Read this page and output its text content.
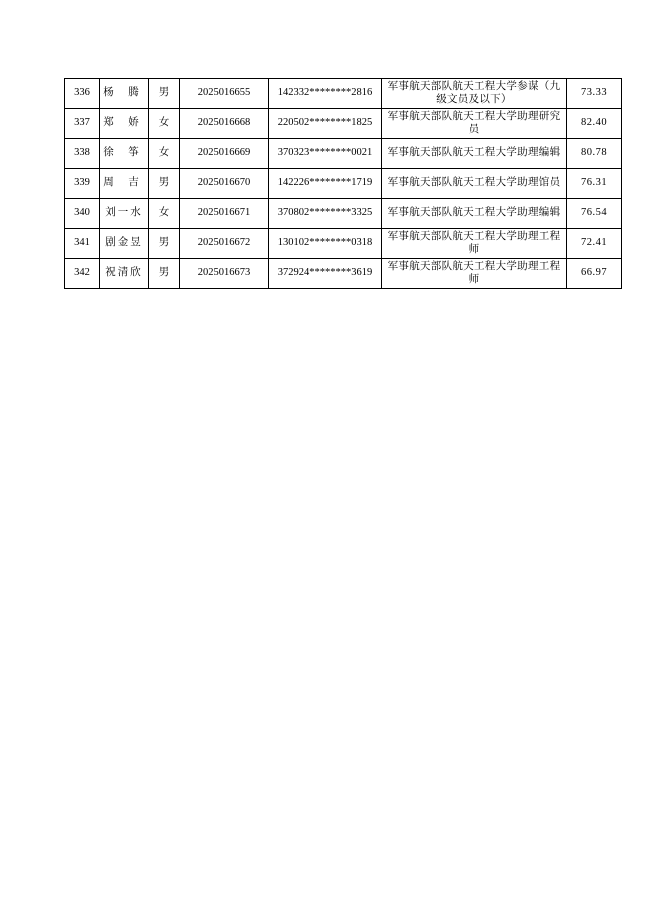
336	杨 腾	男	2025016655	142332********2816	军事航天部队航天工程大学参谋（九级文员及以下）	73.33
337	郑 娇	女	2025016668	220502********1825	军事航天部队航天工程大学助理研究员	82.40
338	徐 筝	女	2025016669	370323********0021	军事航天部队航天工程大学助理编辑	80.78
339	周 吉	男	2025016670	142226********1719	军事航天部队航天工程大学助理馆员	76.31
340	刘一水	女	2025016671	370802********3325	军事航天部队航天工程大学助理编辑	76.54
341	剧金昱	男	2025016672	130102********0318	军事航天部队航天工程大学助理工程师	72.41
342	祝清欣	男	2025016673	372924********3619	军事航天部队航天工程大学助理工程师	66.97
